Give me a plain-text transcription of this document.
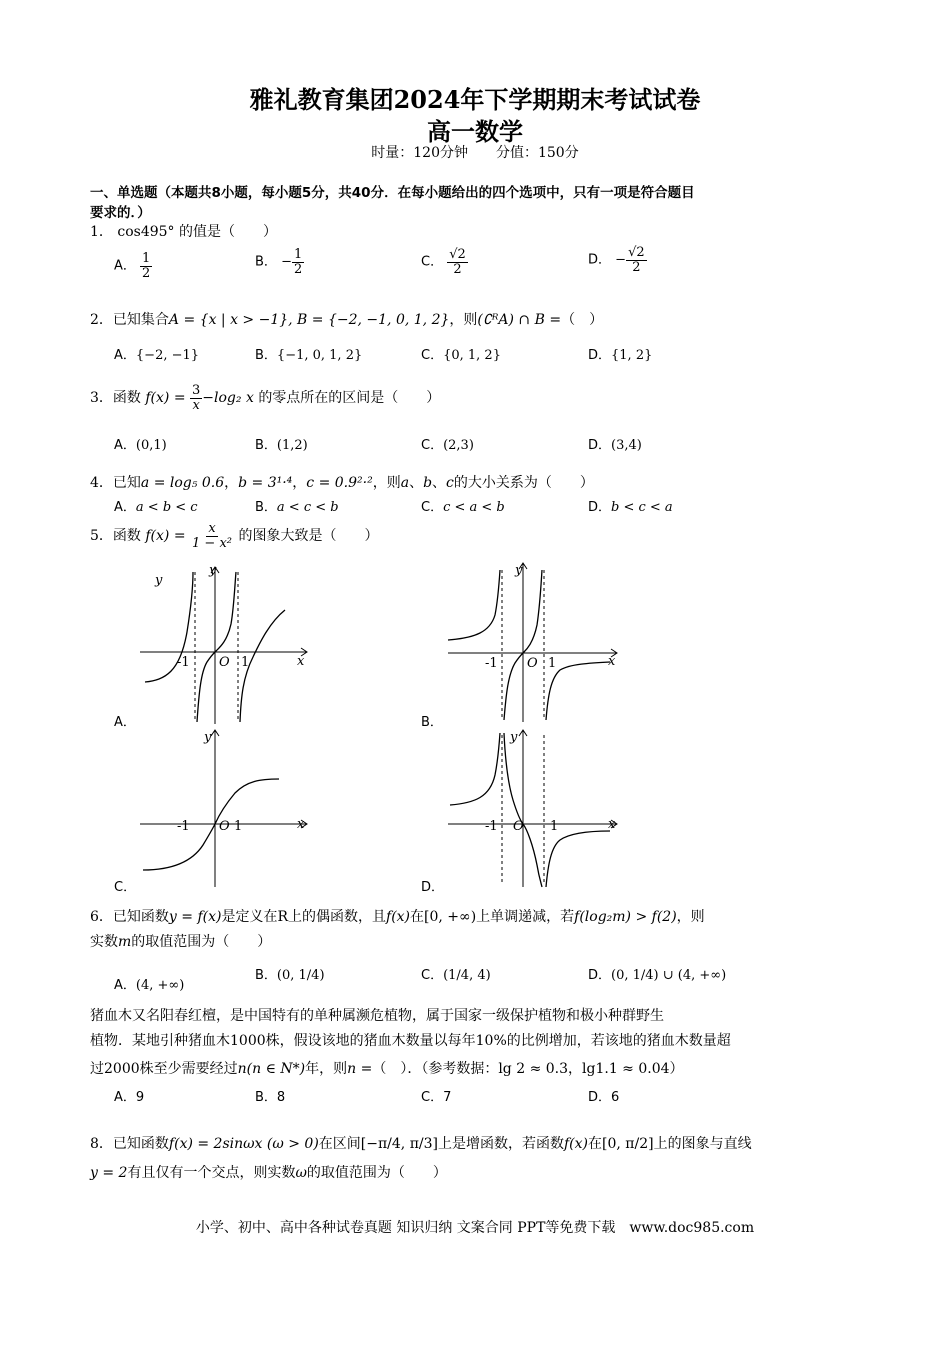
雅礼教育集团2024年下学期期末考试试卷
高一数学
时量：120分钟　　分值：150分
一、单选题（本题共8小题，每小题5分，共40分．在每小题给出的四个选项中，只有一项是符合题目
要求的．）
1． cos495° 的值是（　　）
A． $\frac{1}{2}$	B． − $\frac{1}{2}$	C． $\frac{√2}{2}$	D． − $\frac{√2}{2}$
2．已知集合A = {x | x > −1}, B = {−2, −1, 0, 1, 2}，则(∁ᴿA) ∩ B =（　）
A．{−2, −1}	B．{−1, 0, 1, 2}	C．{0, 1, 2}	D．{1, 2}
3．函数 $f(x) = \frac{3}{x} -\log_2$ x 的零点所在的区间是（　　）
A．(0,1)	B．(1,2)	C．(2,3)	D．(3,4)
4．已知a = log₅ 0.6，b = 3¹·⁴，c = 0.9²·²，则a、b、c的大小关系为（　　）
A．a < b < c	B．a < c < b	C．c < a < b	D．b < c < a
5．函数 $f(x) = \frac{x}{\text{1 − x²}}$ 的图象大致是（　　）
y
y
x
-1 O 1
A．
y
x
-1 O 1
B．
y
x
-1 O 1
C．
y
x
-1 O 1
D．
6．已知函数y = f(x)是定义在R上的偶函数，且f(x)在[0, +∞)上单调递减，若f(log₂m) > f(2)，则
实数m的取值范围为（　　）
A．(4, +∞)
B．(0, 1/4)	C．(1/4, 4)	D．(0, 1/4) ∪ (4, +∞)
猪血木又名阳春红檀，是中国特有的单种属濒危植物，属于国家一级保护植物和极小种群野生
植物．某地引种猪血木1000株，假设该地的猪血木数量以每年10%的比例增加，若该地的猪血木数量超
过2000株至少需要经过n(n ∈ N*)年，则n =（　）．（参考数据：lg 2 ≈ 0.3，lg1.1 ≈ 0.04）
A．9	B．8	C．7	D．6
8．已知函数f(x) = 2sinωx (ω > 0)在区间[−π/4, π/3]上是增函数，若函数f(x)在[0, π/2]上的图象与直线
y = 2有且仅有一个交点，则实数ω的取值范围为（　　）
小学、初中、高中各种试卷真题 知识归纳 文案合同 PPT等免费下载　www.doc985.com
